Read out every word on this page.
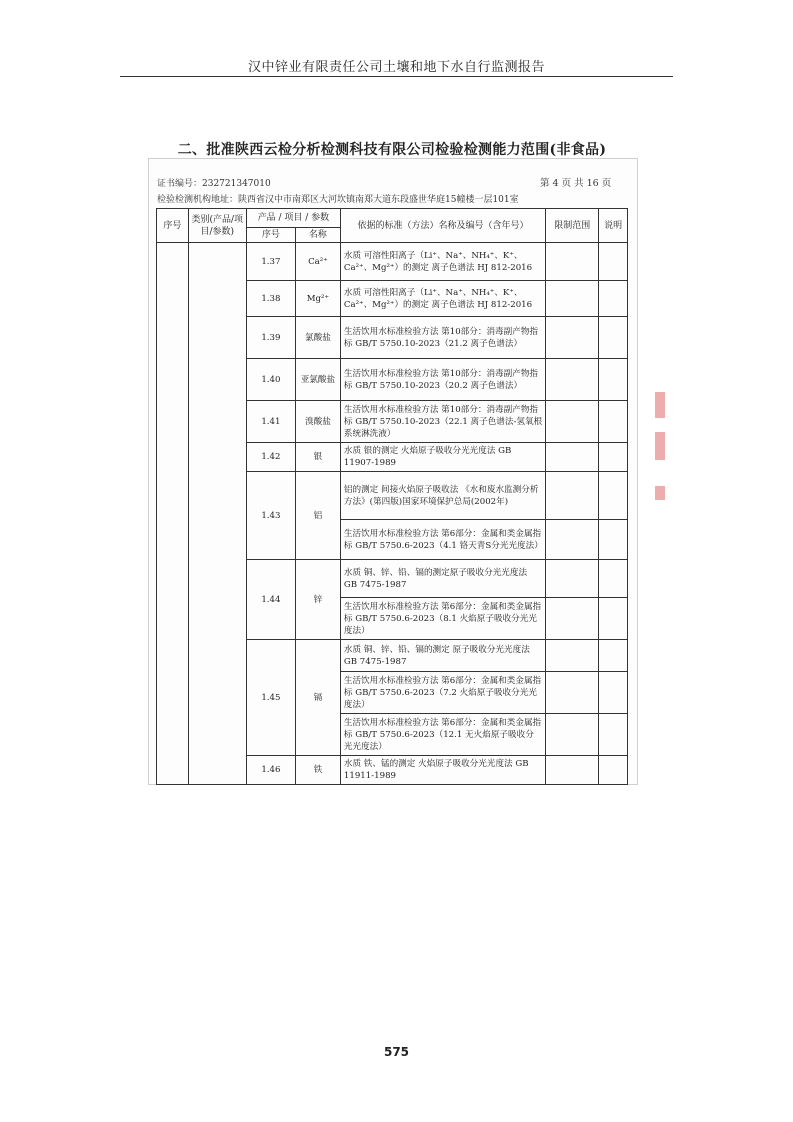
汉中锌业有限责任公司土壤和地下水自行监测报告
二、批准陕西云检分析检测科技有限公司检验检测能力范围(非食品)
证书编号：232721347010	第 4 页 共 16 页
检验检测机构地址：陕西省汉中市南郑区大河坎镇南郑大道东段盛世华庭15幢楼一层101室
序号	类别(产品/项目/参数)	产品 / 项目 / 参数		依据的标准（方法）名称及编号（含年号）	限制范围	说明
		序号	名称			
		1.37	Ca²⁺	水质 可溶性阳离子（Li⁺、Na⁺、NH₄⁺、K⁺、Ca²⁺、Mg²⁺）的测定 离子色谱法 HJ 812-2016		
		1.38	Mg²⁺	水质 可溶性阳离子（Li⁺、Na⁺、NH₄⁺、K⁺、Ca²⁺、Mg²⁺）的测定 离子色谱法 HJ 812-2016		
		1.39	氯酸盐	生活饮用水标准检验方法 第10部分：消毒副产物指标 GB/T 5750.10-2023（21.2 离子色谱法）		
		1.40	亚氯酸盐	生活饮用水标准检验方法 第10部分：消毒副产物指标 GB/T 5750.10-2023（20.2 离子色谱法）		
		1.41	溴酸盐	生活饮用水标准检验方法 第10部分：消毒副产物指标 GB/T 5750.10-2023（22.1 离子色谱法-氢氧根系统淋洗液）		
		1.42	银	水质 银的测定 火焰原子吸收分光光度法 GB 11907-1989		
		1.43	铝	铝的测定 间接火焰原子吸收法 《水和废水监测分析方法》(第四版)国家环境保护总局(2002年)		
				生活饮用水标准检验方法 第6部分：金属和类金属指标 GB/T 5750.6-2023（4.1 铬天青S分光光度法）		
		1.44	锌	水质 铜、锌、铅、镉的测定原子吸收分光光度法 GB 7475-1987		
				生活饮用水标准检验方法 第6部分：金属和类金属指标 GB/T 5750.6-2023（8.1 火焰原子吸收分光光度法）		
		1.45	镉	水质 铜、锌、铅、镉的测定 原子吸收分光光度法 GB 7475-1987		
				生活饮用水标准检验方法 第6部分：金属和类金属指标 GB/T 5750.6-2023（7.2 火焰原子吸收分光光度法）		
				生活饮用水标准检验方法 第6部分：金属和类金属指标 GB/T 5750.6-2023（12.1 无火焰原子吸收分光光度法）		
		1.46	铁	水质 铁、锰的测定 火焰原子吸收分光光度法 GB 11911-1989		
575
